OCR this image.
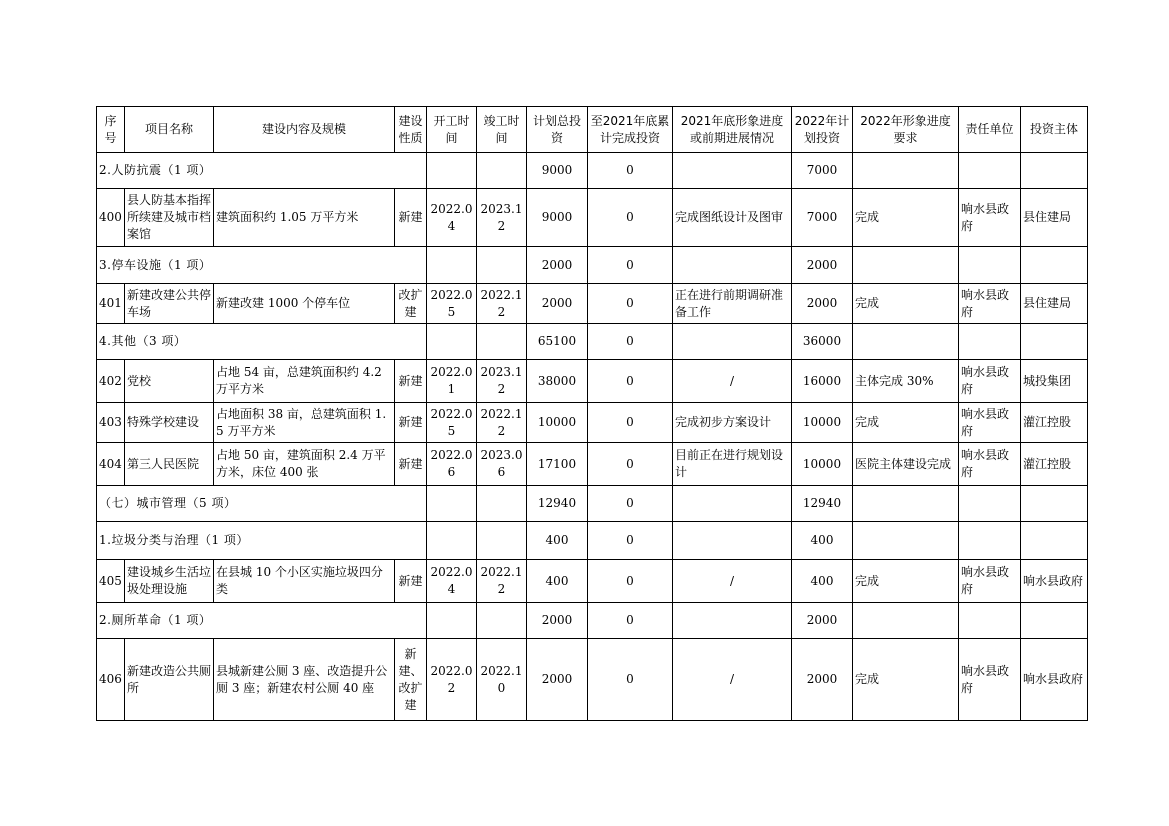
序号	项目名称	建设内容及规模	建设性质	开工时间	竣工时间	计划总投资	至2021年底累计完成投资	2021年底形象进度或前期进展情况	2022年计划投资	2022年形象进度要求	责任单位	投资主体
2.人防抗震（1 项）						9000	0		7000			
400	县人防基本指挥所续建及城市档案馆	建筑面积约 1.05 万平方米	新建	2022.04	2023.12	9000	0	完成图纸设计及图审	7000	完成	响水县政府	县住建局
3.停车设施（1 项）						2000	0		2000			
401	新建改建公共停车场	新建改建 1000 个停车位	改扩建	2022.05	2022.12	2000	0	正在进行前期调研准备工作	2000	完成	响水县政府	县住建局
4.其他（3 项）						65100	0		36000			
402	党校	占地 54 亩，总建筑面积约 4.2 万平方米	新建	2022.01	2023.12	38000	0	/	16000	主体完成 30%	响水县政府	城投集团
403	特殊学校建设	占地面积 38 亩，总建筑面积 1.5 万平方米	新建	2022.05	2022.12	10000	0	完成初步方案设计	10000	完成	响水县政府	灌江控股
404	第三人民医院	占地 50 亩，建筑面积 2.4 万平方米，床位 400 张	新建	2022.06	2023.06	17100	0	目前正在进行规划设计	10000	医院主体建设完成	响水县政府	灌江控股
（七）城市管理（5 项）						12940	0		12940			
1.垃圾分类与治理（1 项）						400	0		400			
405	建设城乡生活垃圾处理设施	在县城 10 个小区实施垃圾四分类	新建	2022.04	2022.12	400	0	/	400	完成	响水县政府	响水县政府
2.厕所革命（1 项）						2000	0		2000			
406	新建改造公共厕所	县城新建公厕 3 座、改造提升公厕 3 座；新建农村公厕 40 座	新建、改扩建	2022.02	2022.10	2000	0	/	2000	完成	响水县政府	响水县政府
